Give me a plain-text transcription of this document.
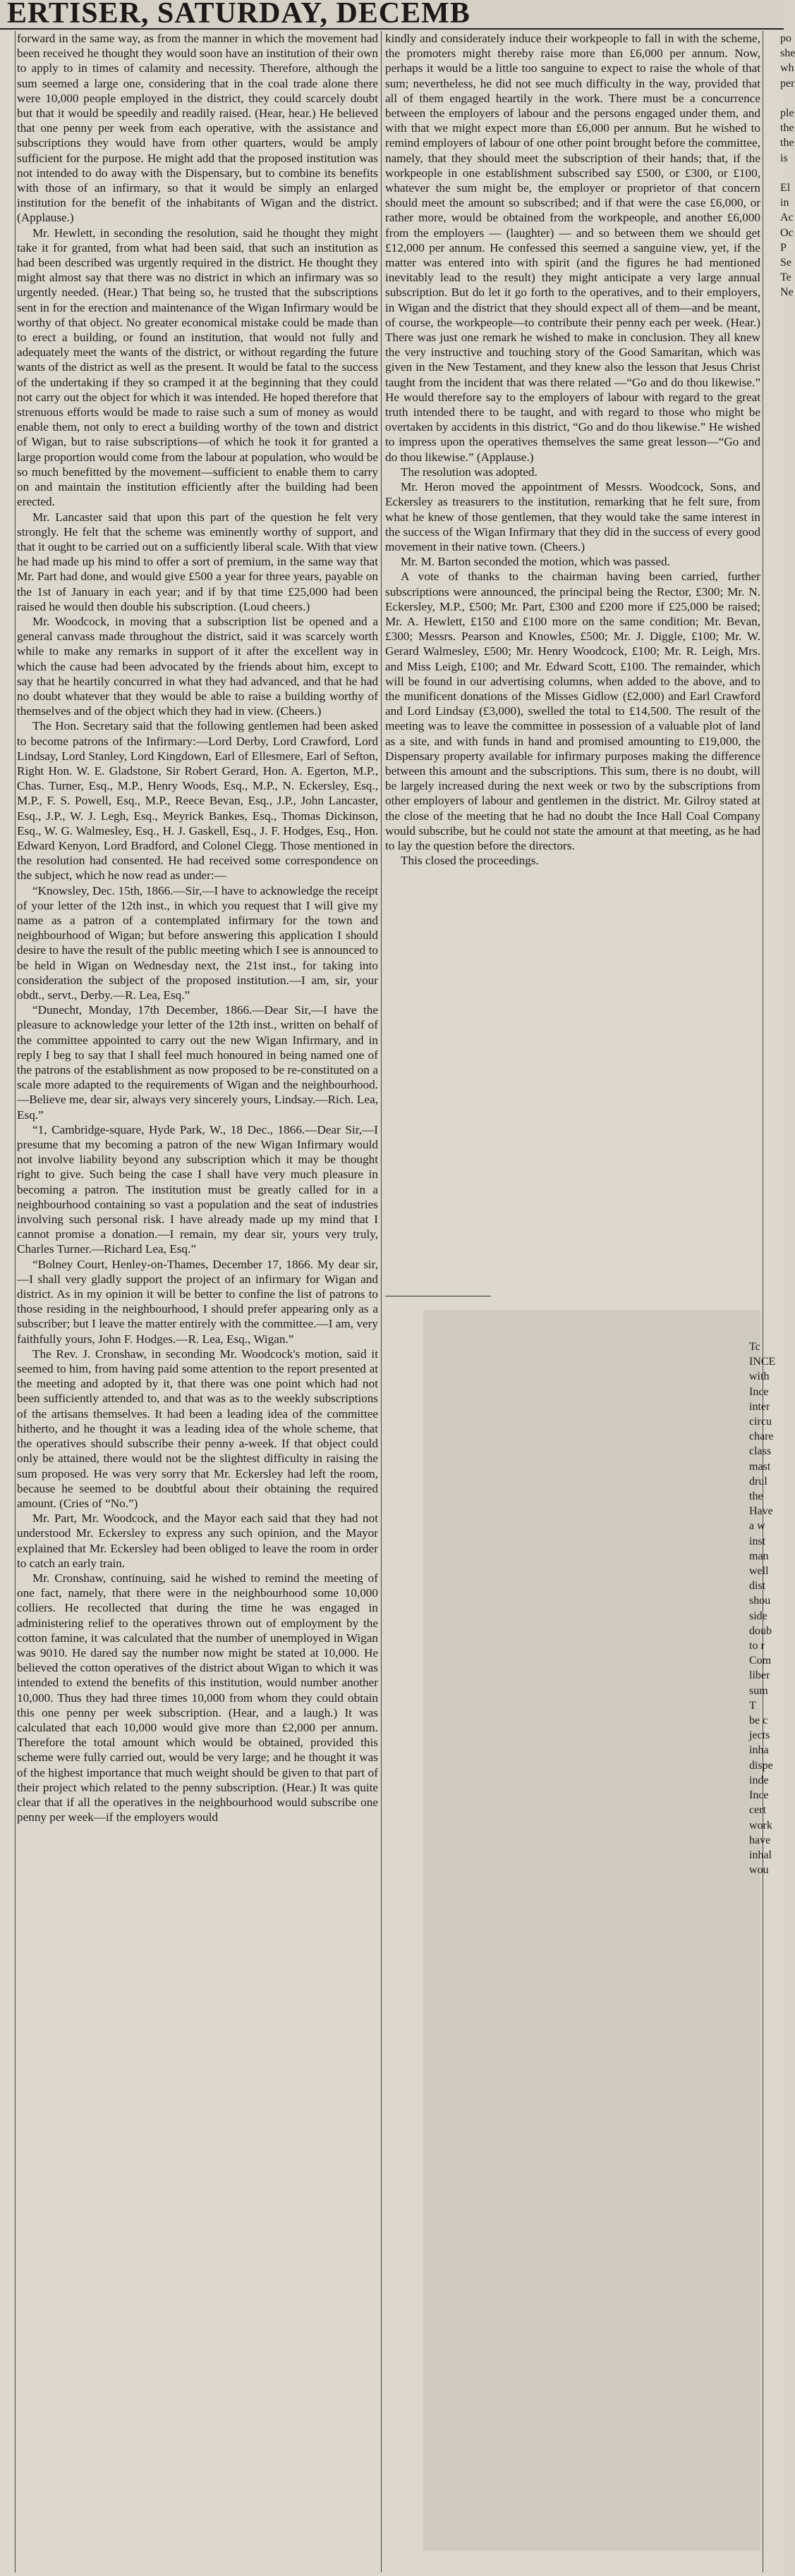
ERTISER, SATURDAY, DECEMB

forward in the same way, as from the manner in which the movement had been received he thought they would soon have an institution of their own to apply to in times of calamity and necessity. Therefore, although the sum seemed a large one, considering that in the coal trade alone there were 10,000 people employed in the district, they could scarcely doubt but that it would be speedily and readily raised. (Hear, hear.) He believed that one penny per week from each operative, with the assistance and subscriptions they would have from other quarters, would be amply sufficient for the purpose. He might add that the proposed institution was not intended to do away with the Dispensary, but to combine its benefits with those of an infirmary, so that it would be simply an enlarged institution for the benefit of the inhabitants of Wigan and the district. (Applause.)

Mr. Hewlett, in seconding the resolution, said he thought they might take it for granted, from what had been said, that such an institution as had been described was urgently required in the district. He thought they might almost say that there was no district in which an infirmary was so urgently needed. (Hear.) That being so, he trusted that the subscriptions sent in for the erection and maintenance of the Wigan Infirmary would be worthy of that object. No greater economical mistake could be made than to erect a building, or found an institution, that would not fully and adequately meet the wants of the district, or without regarding the future wants of the district as well as the present. It would be fatal to the success of the undertaking if they so cramped it at the beginning that they could not carry out the object for which it was intended. He hoped therefore that strenuous efforts would be made to raise such a sum of money as would enable them, not only to erect a building worthy of the town and district of Wigan, but to raise subscriptions—of which he took it for granted a large proportion would come from the labour at population, who would be so much benefitted by the movement—sufficient to enable them to carry on and maintain the institution efficiently after the building had been erected.

Mr. Lancaster said that upon this part of the question he felt very strongly. He felt that the scheme was eminently worthy of support, and that it ought to be carried out on a sufficiently liberal scale. With that view he had made up his mind to offer a sort of premium, in the same way that Mr. Part had done, and would give £500 a year for three years, payable on the 1st of January in each year; and if by that time £25,000 had been raised he would then double his subscription. (Loud cheers.)

Mr. Woodcock, in moving that a subscription list be opened and a general canvass made throughout the district, said it was scarcely worth while to make any remarks in support of it after the excellent way in which the cause had been advocated by the friends about him, except to say that he heartily concurred in what they had advanced, and that he had no doubt whatever that they would be able to raise a building worthy of themselves and of the object which they had in view. (Cheers.)

The Hon. Secretary said that the following gentlemen had been asked to become patrons of the Infirmary:—Lord Derby, Lord Crawford, Lord Lindsay, Lord Stanley, Lord Kingdown, Earl of Ellesmere, Earl of Sefton, Right Hon. W. E. Gladstone, Sir Robert Gerard, Hon. A. Egerton, M.P., Chas. Turner, Esq., M.P., Henry Woods, Esq., M.P., N. Eckersley, Esq., M.P., F. S. Powell, Esq., M.P., Reece Bevan, Esq., J.P., John Lancaster, Esq., J.P., W. J. Legh, Esq., Meyrick Bankes, Esq., Thomas Dickinson, Esq., W. G. Walmesley, Esq., H. J. Gaskell, Esq., J. F. Hodges, Esq., Hon. Edward Kenyon, Lord Bradford, and Colonel Clegg. Those mentioned in the resolution had consented. He had received some correspondence on the subject, which he now read as under:—

“Knowsley, Dec. 15th, 1866.—Sir,—I have to acknowledge the receipt of your letter of the 12th inst., in which you request that I will give my name as a patron of a contemplated infirmary for the town and neighbourhood of Wigan; but before answering this application I should desire to have the result of the public meeting which I see is announced to be held in Wigan on Wednesday next, the 21st inst., for taking into consideration the subject of the proposed institution.—I am, sir, your obdt., servt., Derby.—R. Lea, Esq.”

“Dunecht, Monday, 17th December, 1866.—Dear Sir,—I have the pleasure to acknowledge your letter of the 12th inst., written on behalf of the committee appointed to carry out the new Wigan Infirmary, and in reply I beg to say that I shall feel much honoured in being named one of the patrons of the establishment as now proposed to be re-constituted on a scale more adapted to the requirements of Wigan and the neighbourhood.—Believe me, dear sir, always very sincerely yours, Lindsay.—Rich. Lea, Esq.”

“1, Cambridge-square, Hyde Park, W., 18 Dec., 1866.—Dear Sir,—I presume that my becoming a patron of the new Wigan Infirmary would not involve liability beyond any subscription which it may be thought right to give. Such being the case I shall have very much pleasure in becoming a patron. The institution must be greatly called for in a neighbourhood containing so vast a population and the seat of industries involving such personal risk. I have already made up my mind that I cannot promise a donation.—I remain, my dear sir, yours very truly, Charles Turner.—Richard Lea, Esq.”

“Bolney Court, Henley-on-Thames, December 17, 1866. My dear sir,—I shall very gladly support the project of an infirmary for Wigan and district. As in my opinion it will be better to confine the list of patrons to those residing in the neighbourhood, I should prefer appearing only as a subscriber; but I leave the matter entirely with the committee.—I am, very faithfully yours, John F. Hodges.—R. Lea, Esq., Wigan.”

The Rev. J. Cronshaw, in seconding Mr. Woodcock's motion, said it seemed to him, from having paid some attention to the report presented at the meeting and adopted by it, that there was one point which had not been sufficiently attended to, and that was as to the weekly subscriptions of the artisans themselves. It had been a leading idea of the committee hitherto, and he thought it was a leading idea of the whole scheme, that the operatives should subscribe their penny a-week. If that object could only be attained, there would not be the slightest difficulty in raising the sum proposed. He was very sorry that Mr. Eckersley had left the room, because he seemed to be doubtful about their obtaining the required amount. (Cries of “No.”)

Mr. Part, Mr. Woodcock, and the Mayor each said that they had not understood Mr. Eckersley to express any such opinion, and the Mayor explained that Mr. Eckersley had been obliged to leave the room in order to catch an early train.

Mr. Cronshaw, continuing, said he wished to remind the meeting of one fact, namely, that there were in the neighbourhood some 10,000 colliers. He recollected that during the time he was engaged in administering relief to the operatives thrown out of employment by the cotton famine, it was calculated that the number of unemployed in Wigan was 9010. He dared say the number now might be stated at 10,000. He believed the cotton operatives of the district about Wigan to which it was intended to extend the benefits of this institution, would number another 10,000. Thus they had three times 10,000 from whom they could obtain this one penny per week subscription. (Hear, and a laugh.) It was calculated that each 10,000 would give more than £2,000 per annum. Therefore the total amount which would be obtained, provided this scheme were fully carried out, would be very large; and he thought it was of the highest importance that much weight should be given to that part of their project which related to the penny subscription. (Hear.) It was quite clear that if all the operatives in the neighbourhood would subscribe one penny per week—if the employers would

kindly and considerately induce their workpeople to fall in with the scheme, the promoters might thereby raise more than £6,000 per annum. Now, perhaps it would be a little too sanguine to expect to raise the whole of that sum; nevertheless, he did not see much difficulty in the way, provided that all of them engaged heartily in the work. There must be a concurrence between the employers of labour and the persons engaged under them, and with that we might expect more than £6,000 per annum. But he wished to remind employers of labour of one other point brought before the committee, namely, that they should meet the subscription of their hands; that, if the workpeople in one establishment subscribed say £500, or £300, or £100, whatever the sum might be, the employer or proprietor of that concern should meet the amount so subscribed; and if that were the case £6,000, or rather more, would be obtained from the workpeople, and another £6,000 from the employers — (laughter) — and so between them we should get £12,000 per annum. He confessed this seemed a sanguine view, yet, if the matter was entered into with spirit (and the figures he had mentioned inevitably lead to the result) they might anticipate a very large annual subscription. But do let it go forth to the operatives, and to their employers, in Wigan and the district that they should expect all of them—and be meant, of course, the workpeople—to contribute their penny each per week. (Hear.) There was just one remark he wished to make in conclusion. They all knew the very instructive and touching story of the Good Samaritan, which was given in the New Testament, and they knew also the lesson that Jesus Christ taught from the incident that was there related —“Go and do thou likewise.” He would therefore say to the employers of labour with regard to the great truth intended there to be taught, and with regard to those who might be overtaken by accidents in this district, “Go and do thou likewise.” He wished to impress upon the operatives themselves the same great lesson—“Go and do thou likewise.” (Applause.)

The resolution was adopted.

Mr. Heron moved the appointment of Messrs. Woodcock, Sons, and Eckersley as treasurers to the institution, remarking that he felt sure, from what he knew of those gentlemen, that they would take the same interest in the success of the Wigan Infirmary that they did in the success of every good movement in their native town. (Cheers.)

Mr. M. Barton seconded the motion, which was passed.

A vote of thanks to the chairman having been carried, further subscriptions were announced, the principal being the Rector, £300; Mr. N. Eckersley, M.P., £500; Mr. Part, £300 and £200 more if £25,000 be raised; Mr. A. Hewlett, £150 and £100 more on the same condition; Mr. Bevan, £300; Messrs. Pearson and Knowles, £500; Mr. J. Diggle, £100; Mr. W. Gerard Walmesley, £500; Mr. Henry Woodcock, £100; Mr. R. Leigh, Mrs. and Miss Leigh, £100; and Mr. Edward Scott, £100. The remainder, which will be found in our advertising columns, when added to the above, and to the munificent donations of the Misses Gidlow (£2,000) and Earl Crawford and Lord Lindsay (£3,000), swelled the total to £14,500. The result of the meeting was to leave the committee in possession of a valuable plot of land as a site, and with funds in hand and promised amounting to £19,000, the Dispensary property available for infirmary purposes making the difference between this amount and the subscriptions. This sum, there is no doubt, will be largely increased during the next week or two by the subscriptions from other employers of labour and gentlemen in the district. Mr. Gilroy stated at the close of the meeting that he had no doubt the Ince Hall Coal Company would subscribe, but he could not state the amount at that meeting, as he had to lay the question before the directors.

This closed the proceedings.

po

she

wh

per

ple

the

the

is

El

in

Ac

Oc

P

Se

Te

Ne

Tc

INCE

with

Ince

inter

circu

chare

class

mast

drul

the

Have

a w

inst

man

well

dist

shou

side

doub

to r

Com

liber

sum

T

be c

jects

inha

dispe

inde

Ince

cert

work

have

inhal

wou
